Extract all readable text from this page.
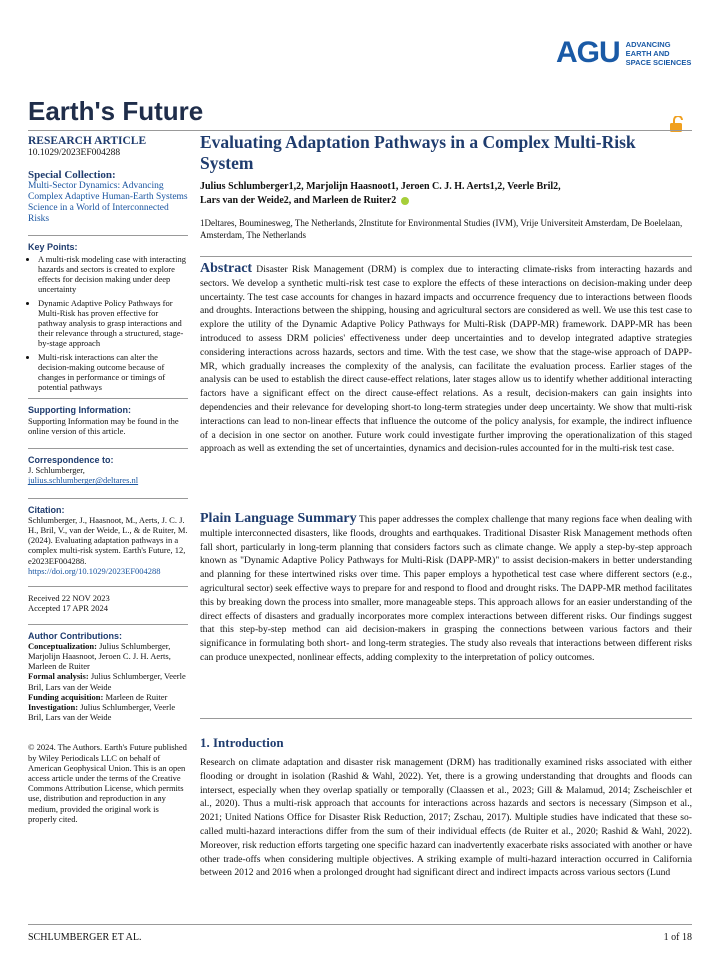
AGU ADVANCING
EARTH AND
SPACE SCIENCES
Earth's Future
RESEARCH ARTICLE
10.1029/2023EF004288
Special Collection:
Multi-Sector Dynamics: Advancing Complex Adaptive Human-Earth Systems Science in a World of Interconnected Risks
Key Points:
• A multi-risk modeling case with interacting hazards and sectors is created to explore effects for decision making under deep uncertainty
• Dynamic Adaptive Policy Pathways for Multi-Risk has proven effective for pathway analysis to grasp interactions and their relevance through a structured, stage-by-stage approach
• Multi-risk interactions can alter the decision-making outcome because of changes in performance or timings of potential pathways
Supporting Information:
Supporting Information may be found in the online version of this article.
Correspondence to:
J. Schlumberger,
julius.schlumberger@deltares.nl
Citation:
Schlumberger, J., Haasnoot, M., Aerts, J. C. J. H., Bril, V., van der Weide, L., & de Ruiter, M. (2024). Evaluating adaptation pathways in a complex multi-risk system. Earth's Future, 12, e2023EF004288.
https://doi.org/10.1029/2023EF004288
Received 22 NOV 2023
Accepted 17 APR 2024
Author Contributions:
Conceptualization: Julius Schlumberger, Marjolijn Haasnoot, Jeroen C. J. H. Aerts, Marleen de Ruiter
Formal analysis: Julius Schlumberger, Veerle Bril, Lars van der Weide
Funding acquisition: Marleen de Ruiter
Investigation: Julius Schlumberger, Veerle Bril, Lars van der Weide
© 2024. The Authors. Earth's Future published by Wiley Periodicals LLC on behalf of American Geophysical Union. This is an open access article under the terms of the Creative Commons Attribution License, which permits use, distribution and reproduction in any medium, provided the original work is properly cited.
Evaluating Adaptation Pathways in a Complex Multi-Risk System
Julius Schlumberger1,2, Marjolijn Haasnoot1, Jeroen C. J. H. Aerts1,2, Veerle Bril2,
Lars van der Weide2, and Marleen de Ruiter2
1Deltares, Bouminesweg, The Netherlands, 2Institute for Environmental Studies (IVM), Vrije Universiteit Amsterdam, De Boelelaan, Amsterdam, The Netherlands
Abstract Disaster Risk Management (DRM) is complex due to interacting climate-risks from interacting hazards and sectors. We develop a synthetic multi-risk test case to explore the effects of these interactions on decision-making under deep uncertainty. The test case accounts for changes in hazard impacts and occurrence frequency due to interactions between floods and droughts. Interactions between the shipping, housing and agricultural sectors are considered as well. We use this test case to explore the utility of the Dynamic Adaptive Policy Pathways for Multi-Risk (DAPP-MR) framework. DAPP-MR has been introduced to assess DRM policies' effectiveness under deep uncertainties and to develop integrated adaptive strategies considering interactions across hazards, sectors and time. With the test case, we show that the stage-wise approach of DAPP-MR, which gradually increases the complexity of the analysis, can facilitate the evaluation process. Earlier stages of the analysis can be used to establish the direct cause-effect relations, later stages allow us to identify whether additional interacting factors have a significant effect on the direct cause-effect relations. As a result, decision-makers can gain insights into dependencies and their relevance for developing short-to long-term strategies under deep uncertainty. We show that multi-risk interactions can lead to non-linear effects that influence the outcome of the policy analysis, for example, the indirect influence of a decision in one sector on another. Future work could investigate further improving the operationalization of this staged approach as well as extending the set of uncertainties, dynamics and decision-rules accounted for in the multi-risk test case.
Plain Language Summary This paper addresses the complex challenge that many regions face when dealing with multiple interconnected disasters, like floods, droughts and earthquakes. Traditional Disaster Risk Management methods often fall short, particularly in long-term planning that considers factors such as climate change. We apply a step-by-step approach known as "Dynamic Adaptive Policy Pathways for Multi-Risk (DAPP-MR)" to assist decision-makers in better understanding and planning for these intertwined risks over time. This paper employs a hypothetical test case where different sectors (e.g., agricultural sector) seek effective ways to prepare for and respond to flood and drought risks. The DAPP-MR method facilitates this by breaking down the process into smaller, more manageable steps. This approach allows for an easier understanding of the direct effects of disasters and gradually incorporates more complex interactions between different risks. Our findings suggest that this step-by-step method can aid decision-makers in grasping the connections between various factors and their significance in formulating both short- and long-term strategies. The study also reveals that interactions between different risks can produce unexpected, nonlinear effects, adding complexity to the interpretation of policy outcomes.
1. Introduction
Research on climate adaptation and disaster risk management (DRM) has traditionally examined risks associated with either flooding or drought in isolation (Rashid & Wahl, 2022). Yet, there is a growing understanding that droughts and floods can intersect, especially when they overlap spatially or temporally (Claassen et al., 2023; Gill & Malamud, 2014; Zscheischler et al., 2020). Thus a multi-risk approach that accounts for interactions across hazards and sectors is necessary (Simpson et al., 2021; United Nations Office for Disaster Risk Reduction, 2017; Zschau, 2017). Multiple studies have indicated that these so-called multi-hazard interactions differ from the sum of their individual effects (de Ruiter et al., 2020; Rashid & Wahl, 2022). Moreover, risk reduction efforts targeting one specific hazard can inadvertently exacerbate risks associated with another or have other trade-offs when considering multiple objectives. A striking example of multi-hazard interaction occurred in California between 2012 and 2016 when a prolonged drought had significant direct and indirect impacts across various sectors (Lund
SCHLUMBERGER ET AL.	1 of 18
